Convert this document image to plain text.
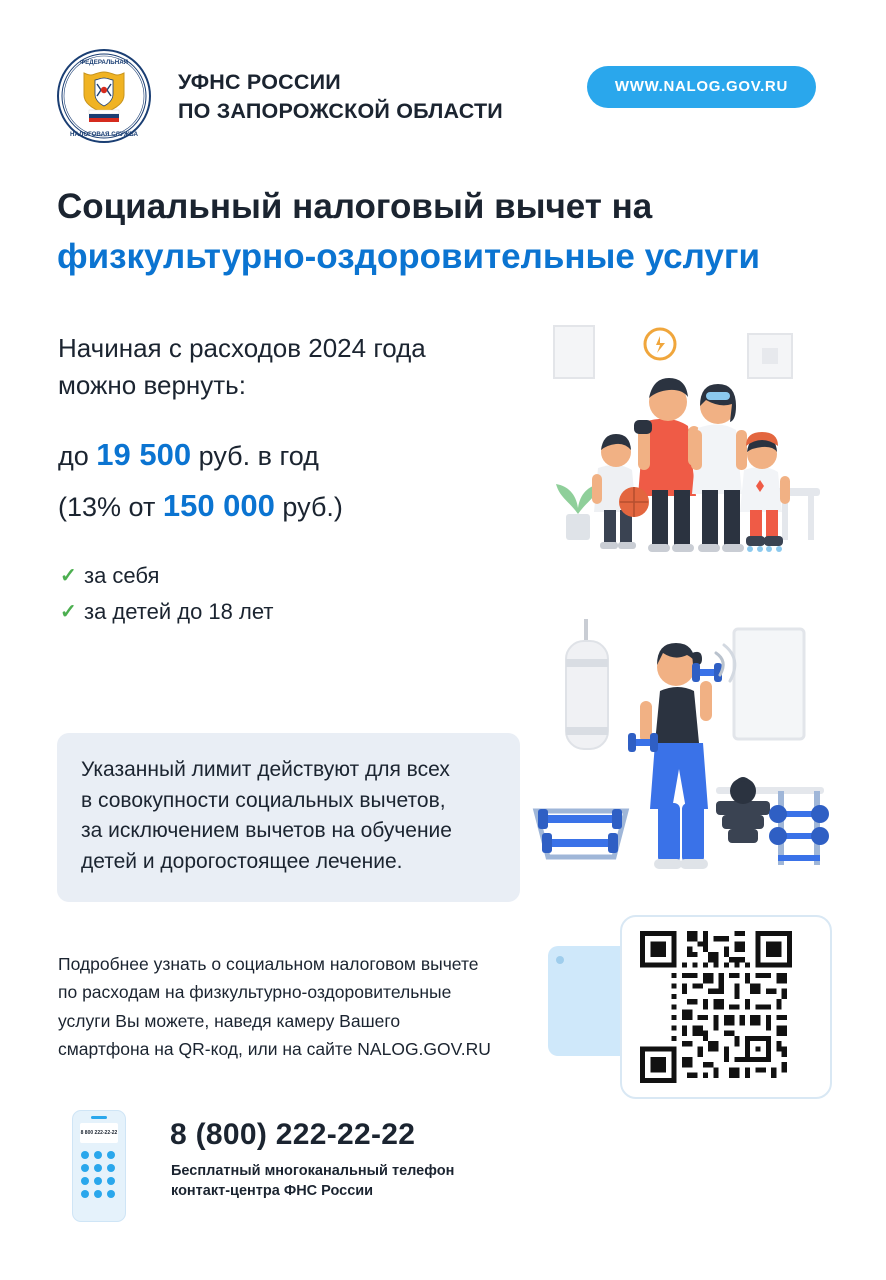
ФЕДЕРАЛЬНАЯ
НАЛОГОВАЯ СЛУЖБА
УФНС РОССИИ
ПО ЗАПОРОЖСКОЙ ОБЛАСТИ
WWW.NALOG.GOV.RU
Социальный налоговый вычет на
физкультурно-оздоровительные услуги
Начиная с расходов 2024 года
можно вернуть:
до 19 500 руб. в год
(13% от 150 000 руб.)
✓ за себя
✓ за детей до 18 лет
Указанный лимит действуют для всех
в совокупности социальных вычетов,
за исключением вычетов на обучение
детей и дорогостоящее лечение.
Подробнее узнать о социальном налоговом вычете
по расходам на физкультурно-оздоровительные
услуги Вы можете, наведя камеру Вашего
смартфона на QR-код, или на сайте NALOG.GOV.RU
8 800 222-22-22 8 (800) 222-22-22
Бесплатный многоканальный телефон
контакт-центра ФНС России
